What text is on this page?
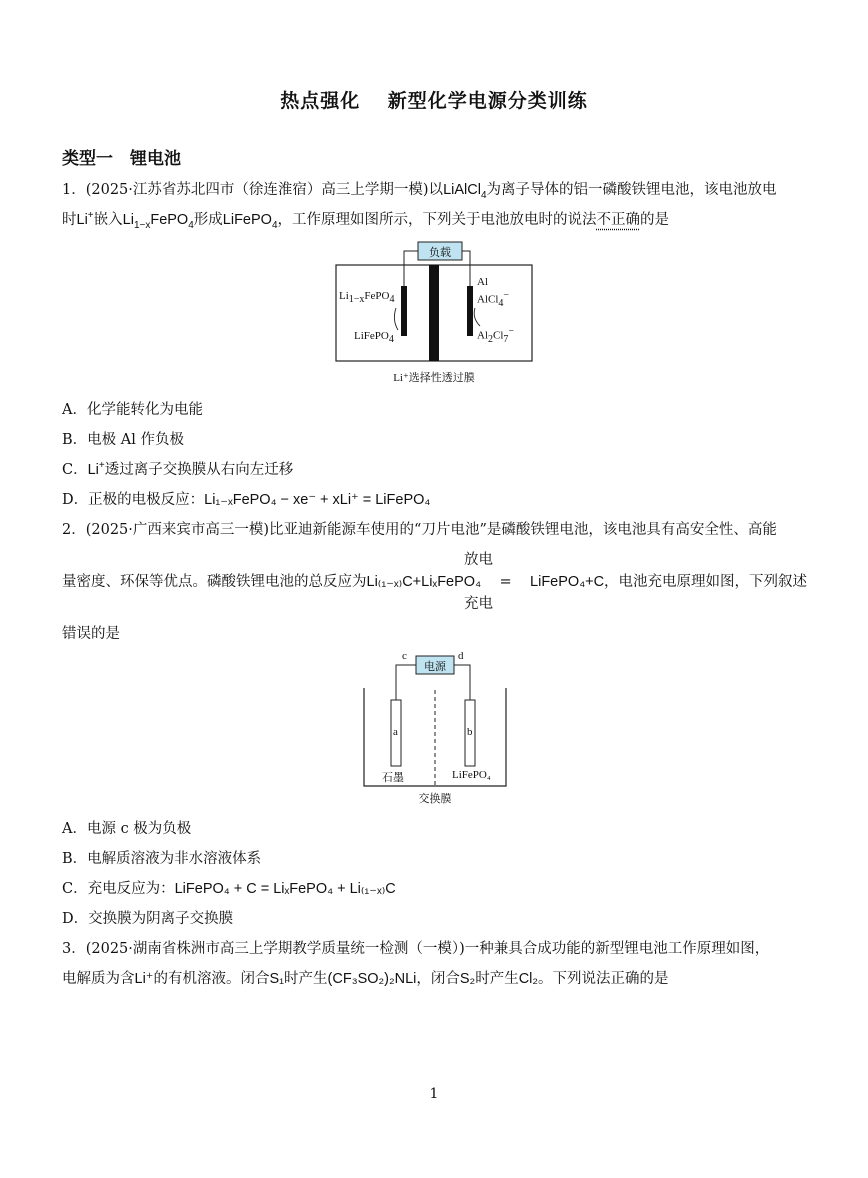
热点强化　 新型化学电源分类训练
类型一　锂电池
1．(2025·江苏省苏北四市（徐连淮宿）高三上学期一模)以LiAlCl$_4$为离子导体的铝一磷酸铁锂电池，该电池放电
时Li+嵌入$Li_{1-x}FePO_4$形成LiFePO$_4$，工作原理如图所示，下列关于电池放电时的说法不正确的是
负载
$Li_{1-x}FePO_4$
LiFePO$_4$
Al
AlCl$_4$−
$Al_2Cl_7^-$
Li⁺选择性透过膜
A．化学能转化为电能
B．电极 Al 作负极
C．Li+透过离子交换膜从右向左迁移
D．正极的电极反应：Li₁₋ₓFePO₄ − xe⁻ + xLi⁺ = LiFePO₄
2．(2025·广西来宾市高三一模)比亚迪新能源车使用的“刀片电池”是磷酸铁锂电池，该电池具有高安全性、高能
放电
量密度、环保等优点。磷酸铁锂电池的总反应为Li₍₁₋ₓ₎C+LiₓFePO₄ = LiFePO₄+C，电池充电原理如图，下列叙述
充电
错误的是
电源
c	d
a	b
石墨	LiFePO₄
交换膜
A．电源 c 极为负极
B．电解质溶液为非水溶液体系
C．充电反应为：LiFePO₄ + C = LiₓFePO₄ + Li₍₁₋ₓ₎C
D．交换膜为阴离子交换膜
3．(2025·湖南省株洲市高三上学期教学质量统一检测（一模）)一种兼具合成功能的新型锂电池工作原理如图，
电解质为含Li⁺的有机溶液。闭合S₁时产生(CF₃SO₂)₂NLi，闭合S₂时产生Cl₂。下列说法正确的是
1
